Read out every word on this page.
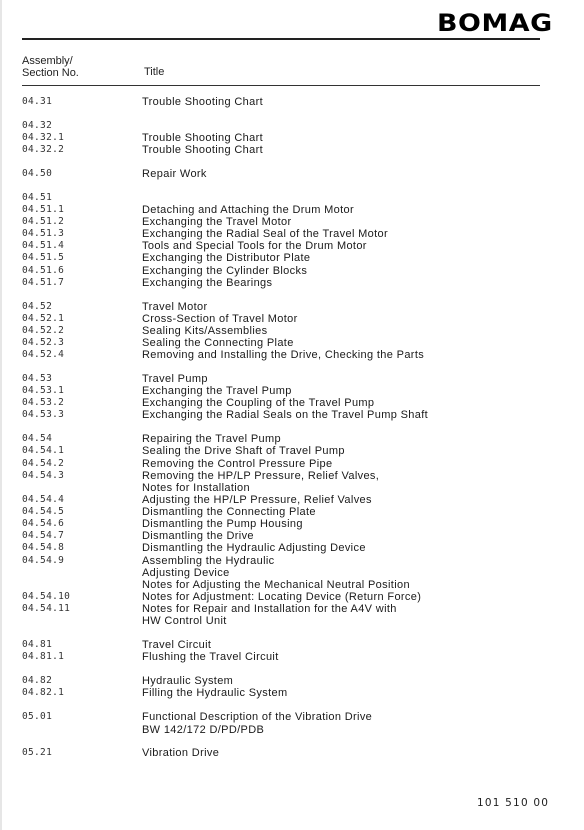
BOMAG
Assembly/
Section No.	Title
04.31	Trouble Shooting Chart
04.32
04.32.1	Trouble Shooting Chart
04.32.2	Trouble Shooting Chart
04.50	Repair Work
04.51
04.51.1	Detaching and Attaching the Drum Motor
04.51.2	Exchanging the Travel Motor
04.51.3	Exchanging the Radial Seal of the Travel Motor
04.51.4	Tools and Special Tools for the Drum Motor
04.51.5	Exchanging the Distributor Plate
04.51.6	Exchanging the Cylinder Blocks
04.51.7	Exchanging the Bearings
04.52	Travel Motor
04.52.1	Cross-Section of Travel Motor
04.52.2	Sealing Kits/Assemblies
04.52.3	Sealing the Connecting Plate
04.52.4	Removing and Installing the Drive, Checking the Parts
04.53	Travel Pump
04.53.1	Exchanging the Travel Pump
04.53.2	Exchanging the Coupling of the Travel Pump
04.53.3	Exchanging the Radial Seals on the Travel Pump Shaft
04.54	Repairing the Travel Pump
04.54.1	Sealing the Drive Shaft of Travel Pump
04.54.2	Removing the Control Pressure Pipe
04.54.3	Removing the HP/LP Pressure, Relief Valves,
Notes for Installation
04.54.4	Adjusting the HP/LP Pressure, Relief Valves
04.54.5	Dismantling the Connecting Plate
04.54.6	Dismantling the Pump Housing
04.54.7	Dismantling the Drive
04.54.8	Dismantling the Hydraulic Adjusting Device
04.54.9	Assembling the Hydraulic
Adjusting Device
Notes for Adjusting the Mechanical Neutral Position
04.54.10	Notes for Adjustment: Locating Device (Return Force)
04.54.11	Notes for Repair and Installation for the A4V with
HW Control Unit
04.81	Travel Circuit
04.81.1	Flushing the Travel Circuit
04.82	Hydraulic System
04.82.1	Filling the Hydraulic System
05.01	Functional Description of the Vibration Drive
BW 142/172 D/PD/PDB
05.21	Vibration Drive
101 510 00
